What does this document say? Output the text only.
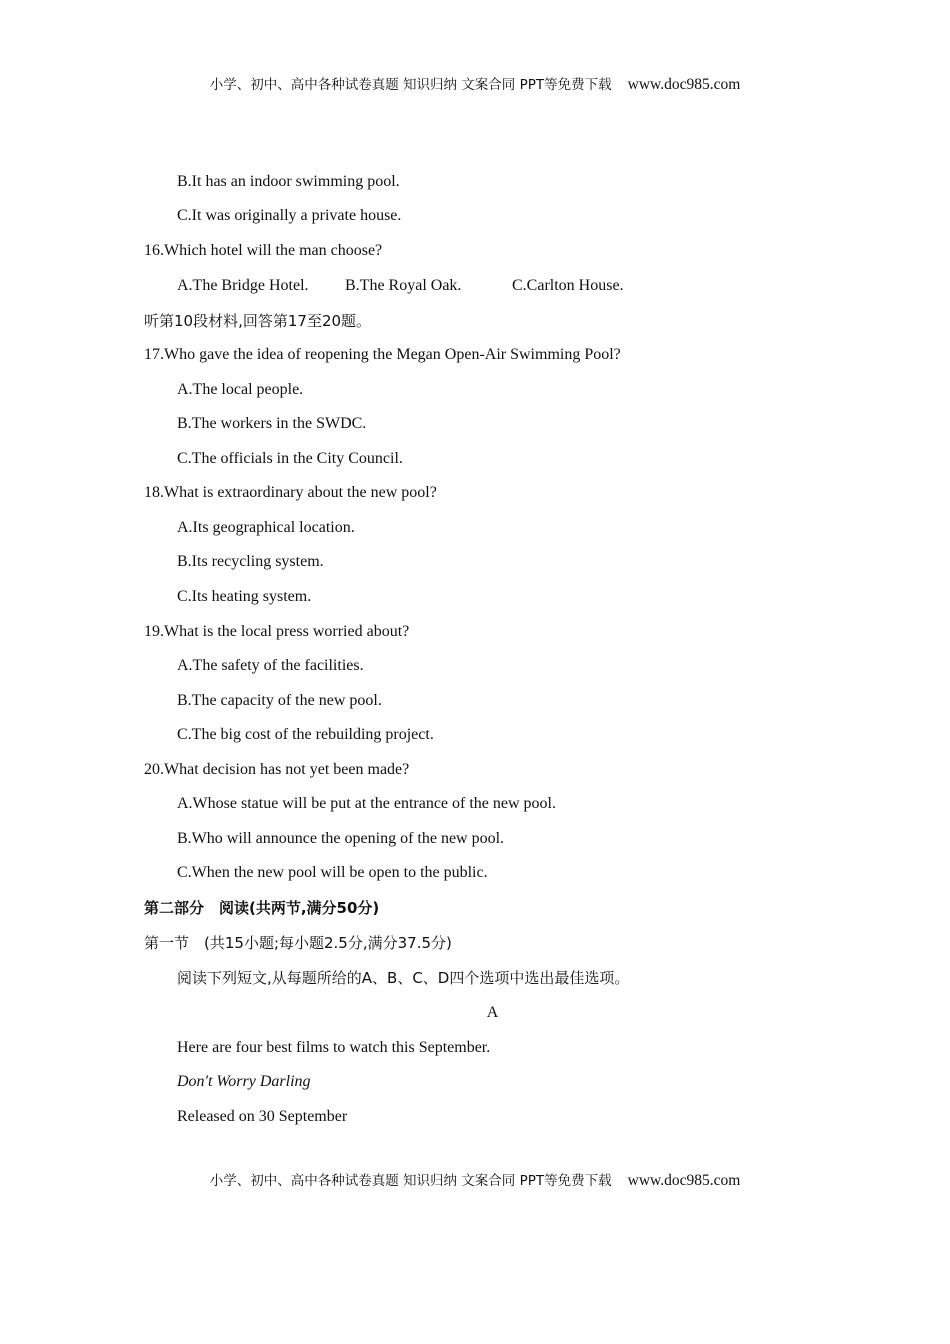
小学、初中、高中各种试卷真题 知识归纳 文案合同 PPT等免费下载 www.doc985.com
B.It has an indoor swimming pool.
C.It was originally a private house.
16.Which hotel will the man choose?
A.The Bridge Hotel. B.The Royal Oak.	C.Carlton House.
听第10段材料,回答第17至20题。
17.Who gave the idea of reopening the Megan Open-Air Swimming Pool?
A.The local people.
B.The workers in the SWDC.
C.The officials in the City Council.
18.What is extraordinary about the new pool?
A.Its geographical location.
B.Its recycling system.
C.Its heating system.
19.What is the local press worried about?
A.The safety of the facilities.
B.The capacity of the new pool.
C.The big cost of the rebuilding project.
20.What decision has not yet been made?
A.Whose statue will be put at the entrance of the new pool.
B.Who will announce the opening of the new pool.
C.When the new pool will be open to the public.
第二部分　阅读(共两节,满分50分)
第一节　(共15小题;每小题2.5分,满分37.5分)
阅读下列短文,从每题所给的A、B、C、D四个选项中选出最佳选项。
A
Here are four best films to watch this September.
Don't Worry Darling
Released on 30 September
小学、初中、高中各种试卷真题 知识归纳 文案合同 PPT等免费下载 www.doc985.com
